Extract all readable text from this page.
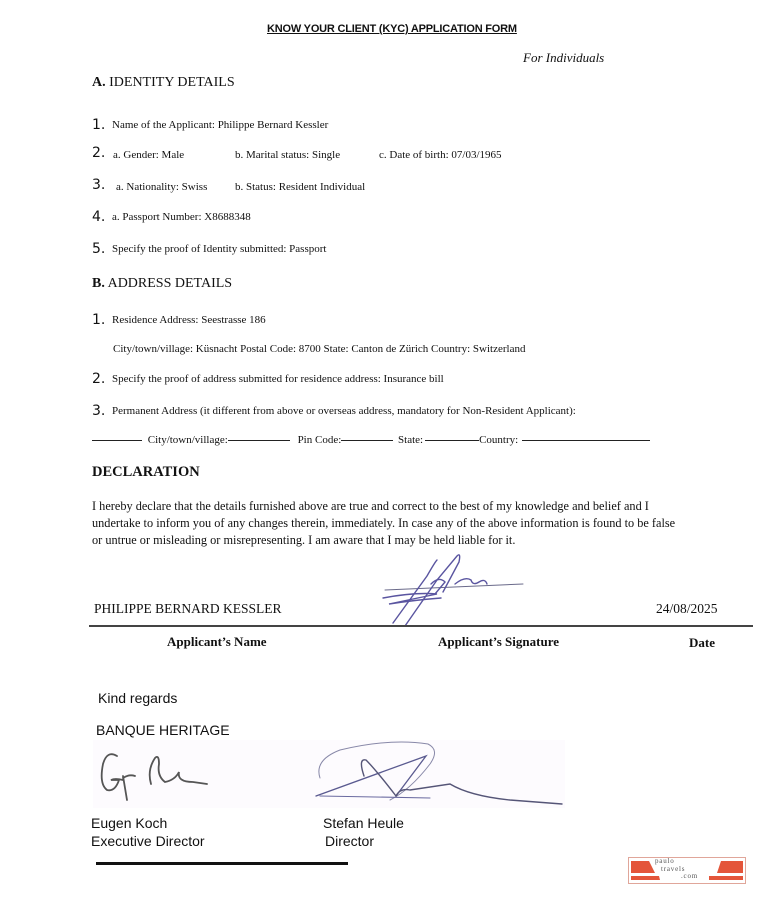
KNOW YOUR CLIENT (KYC) APPLICATION FORM
For Individuals
A. IDENTITY DETAILS
1. Name of the Applicant: Philippe Bernard Kessler
2. a. Gender: Male	b. Marital status: Single	c. Date of birth: 07/03/1965
3. a. Nationality: Swiss	b. Status: Resident Individual
4. a. Passport Number: X8688348
5. Specify the proof of Identity submitted: Passport
B. ADDRESS DETAILS
1. Residence Address: Seestrasse 186
City/town/village: Küsnacht Postal Code: 8700 State: Canton de Zürich Country: Switzerland
2. Specify the proof of address submitted for residence address: Insurance bill
3. Permanent Address (it different from above or overseas address, mandatory for Non-Resident Applicant):
City/town/village:	Pin Code:	State:	Country:
DECLARATION
I hereby declare that the details furnished above are true and correct to the best of my knowledge and belief and I undertake to inform you of any changes therein, immediately. In case any of the above information is found to be false or untrue or misleading or misrepresenting. I am aware that I may be held liable for it.
PHILIPPE BERNARD KESSLER	24/08/2025
Applicant’s Name	Applicant’s Signature	Date
Kind regards
BANQUE HERITAGE
Eugen Koch
Executive Director
Stefan Heule
Director
paulo
travels
.com
